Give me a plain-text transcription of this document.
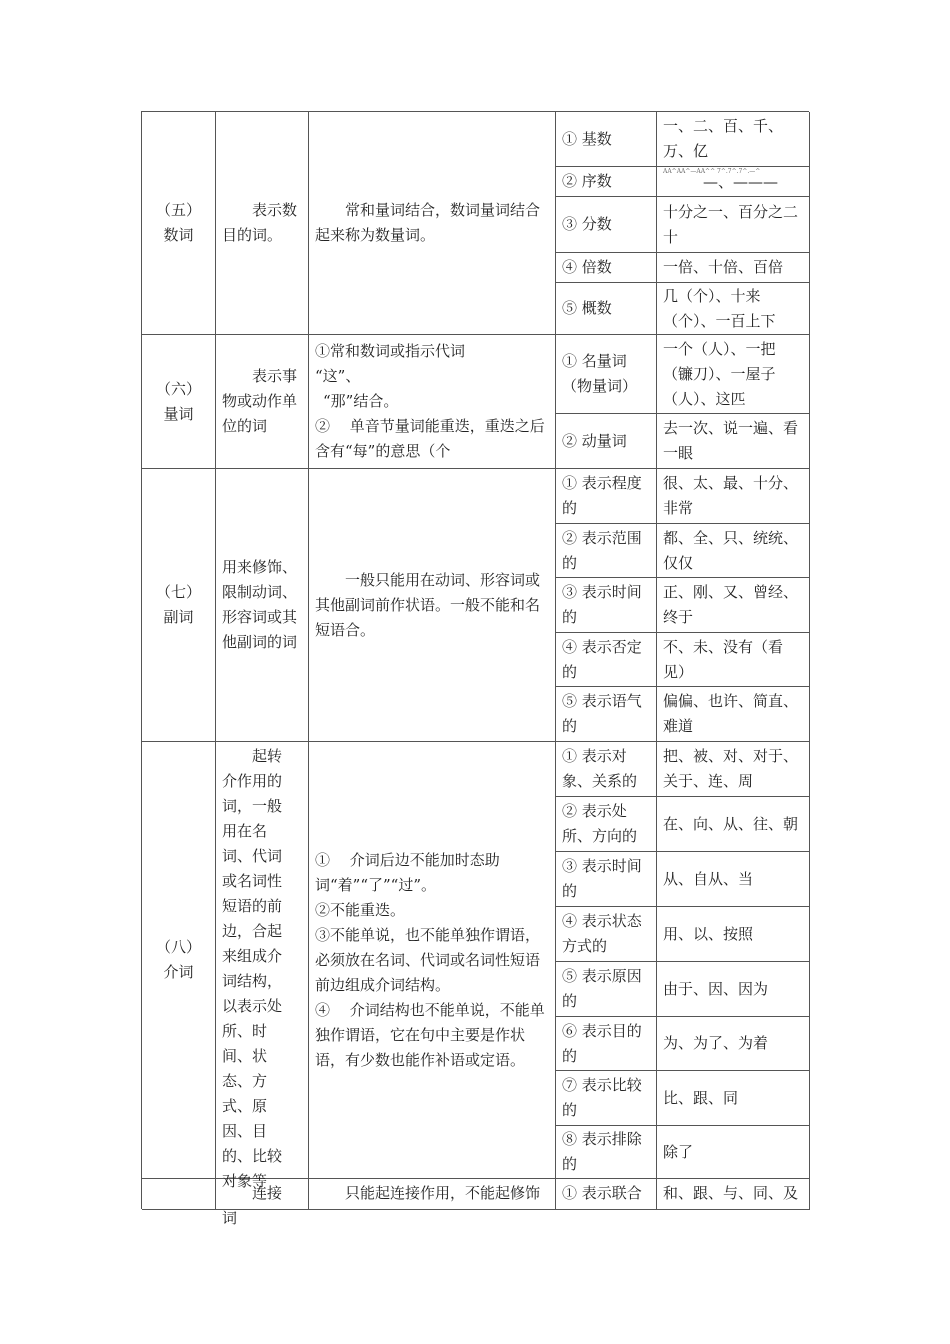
（五）
数词
表示数目的词。
常和量词结合，数词量词结合起来称为数量词。
① 基数
一、二、百、千、万、亿
② 序数
AA^AA^—AA^^ 7^.7^.7^.—^
—、———
③ 分数
十分之一、百分之二十
④ 倍数	一倍、十倍、百倍
⑤ 概数
几（个）、十来（个）、一百上下
（六）
量词
表示事物或动作单位的词
①常和数词或指示代词
“这”、
“那”结合。
②　 单音节量词能重迭，重迭之后含有“每”的意思（个
① 名量词（物量词）
一个（人）、一把（镰刀）、一屋子（人）、这匹
② 动量词
去一次、说一遍、看一眼
（七）
副词
用来修饰、限制动词、形容词或其他副词的词
一般只能用在动词、形容词或其他副词前作状语。一般不能和名短语合。
① 表示程度的
很、太、最、十分、非常
② 表示范围的
都、全、只、统统、仅仅
③ 表示时间的
正、刚、又、曾经、终于
④ 表示否定的
不、未、没有（看见）
⑤ 表示语气的
偏偏、也许、简直、难道
（八）
介词
起转介作用的词，一般用在名词、代词或名词性短语的前边，合起来组成介词结构，以表示处所、时间、状态、方式、原因、目的、比较对象等
①　 介词后边不能加时态助词“着”“了”“过”。
②不能重迭。
③不能单说，也不能单独作谓语，必须放在名词、代词或名词性短语前边组成介词结构。
④　 介词结构也不能单说，不能单独作谓语，它在句中主要是作状语，有少数也能作补语或定语。
① 表示对象、关系的
把、被、对、对于、关于、连、周
② 表示处所、方向的
在、向、从、往、朝
③ 表示时间的
从、自从、当
④ 表示状态方式的
用、以、按照
⑤ 表示原因的
由于、因、因为
⑥ 表示目的的
为、为了、为着
⑦ 表示比较的
比、跟、同
⑧ 表示排除的
除了
连接词
只能起连接作用，不能起修饰	① 表示联合 和、跟、与、同、及
